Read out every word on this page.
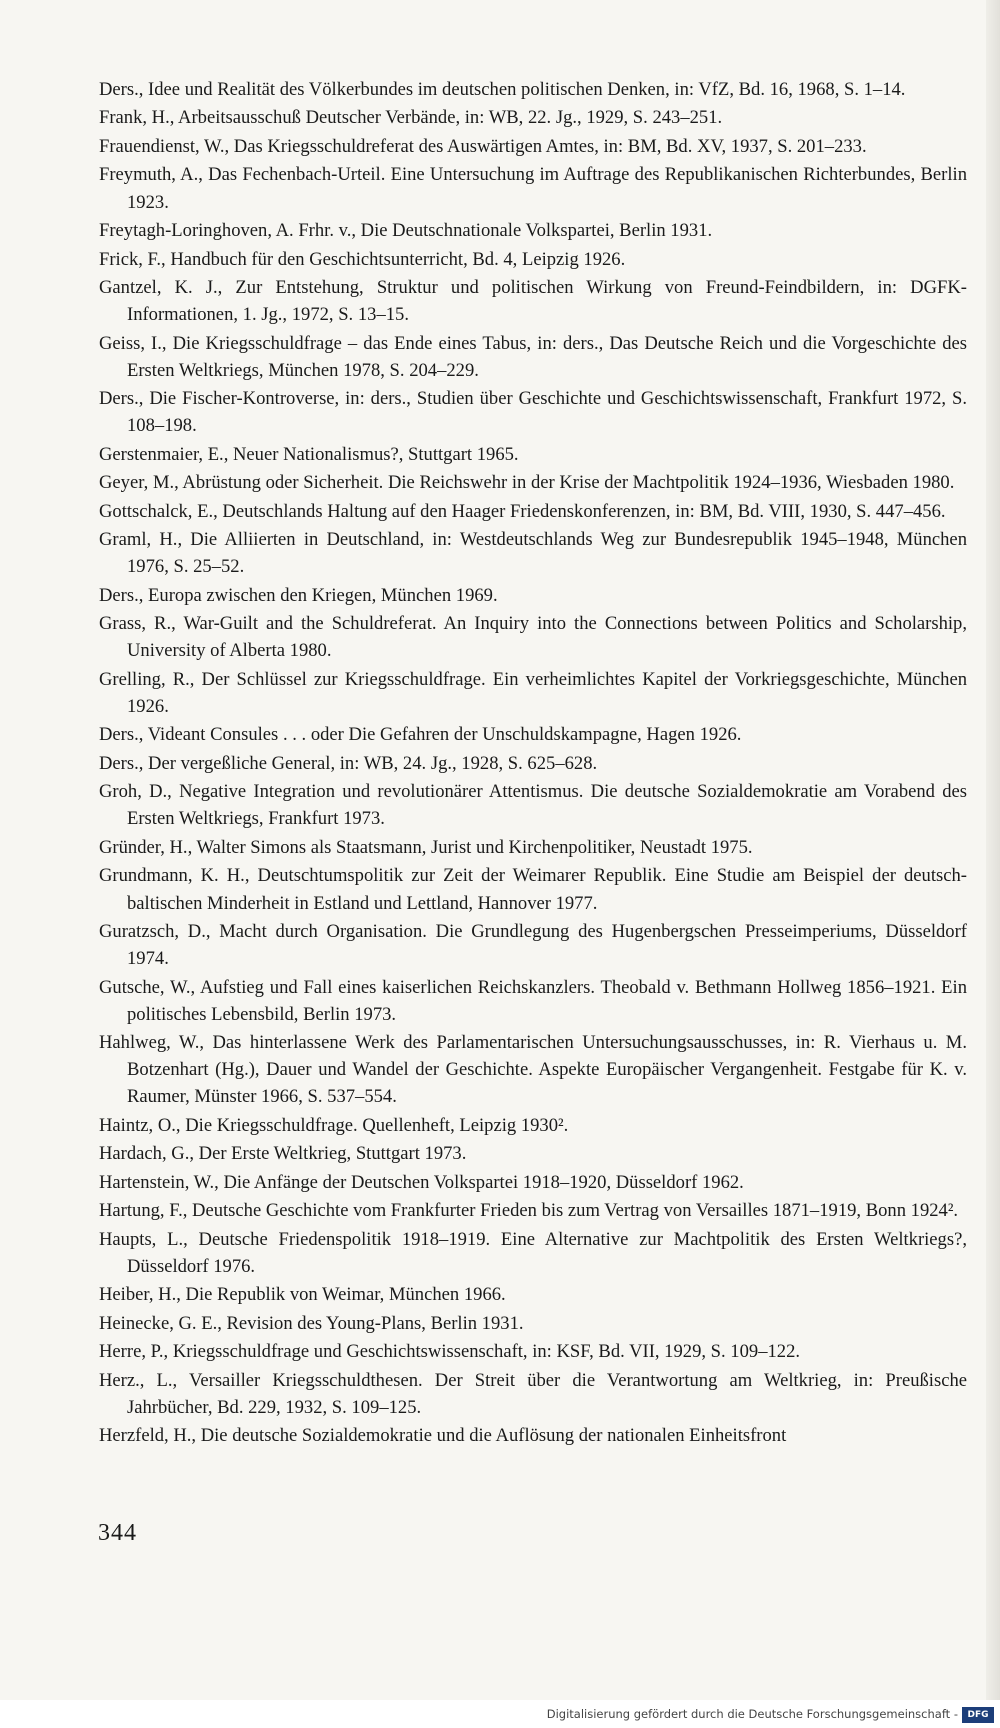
Ders., Idee und Realität des Völkerbundes im deutschen politischen Denken, in: VfZ, Bd. 16, 1968, S. 1–14.

Frank, H., Arbeitsausschuß Deutscher Verbände, in: WB, 22. Jg., 1929, S. 243–251.

Frauendienst, W., Das Kriegsschuldreferat des Auswärtigen Amtes, in: BM, Bd. XV, 1937, S. 201–233.

Freymuth, A., Das Fechenbach-Urteil. Eine Untersuchung im Auftrage des Republikanischen Richterbundes, Berlin 1923.

Freytagh-Loringhoven, A. Frhr. v., Die Deutschnationale Volkspartei, Berlin 1931.

Frick, F., Handbuch für den Geschichtsunterricht, Bd. 4, Leipzig 1926.

Gantzel, K. J., Zur Entstehung, Struktur und politischen Wirkung von Freund-Feindbildern, in: DGFK-Informationen, 1. Jg., 1972, S. 13–15.

Geiss, I., Die Kriegsschuldfrage – das Ende eines Tabus, in: ders., Das Deutsche Reich und die Vorgeschichte des Ersten Weltkriegs, München 1978, S. 204–229.

Ders., Die Fischer-Kontroverse, in: ders., Studien über Geschichte und Geschichtswissenschaft, Frankfurt 1972, S. 108–198.

Gerstenmaier, E., Neuer Nationalismus?, Stuttgart 1965.

Geyer, M., Abrüstung oder Sicherheit. Die Reichswehr in der Krise der Machtpolitik 1924–1936, Wiesbaden 1980.

Gottschalck, E., Deutschlands Haltung auf den Haager Friedenskonferenzen, in: BM, Bd. VIII, 1930, S. 447–456.

Graml, H., Die Alliierten in Deutschland, in: Westdeutschlands Weg zur Bundesrepublik 1945–1948, München 1976, S. 25–52.

Ders., Europa zwischen den Kriegen, München 1969.

Grass, R., War-Guilt and the Schuldreferat. An Inquiry into the Connections between Politics and Scholarship, University of Alberta 1980.

Grelling, R., Der Schlüssel zur Kriegsschuldfrage. Ein verheimlichtes Kapitel der Vorkriegsgeschichte, München 1926.

Ders., Videant Consules . . . oder Die Gefahren der Unschuldskampagne, Hagen 1926.

Ders., Der vergeßliche General, in: WB, 24. Jg., 1928, S. 625–628.

Groh, D., Negative Integration und revolutionärer Attentismus. Die deutsche Sozialdemokratie am Vorabend des Ersten Weltkriegs, Frankfurt 1973.

Gründer, H., Walter Simons als Staatsmann, Jurist und Kirchenpolitiker, Neustadt 1975.

Grundmann, K. H., Deutschtumspolitik zur Zeit der Weimarer Republik. Eine Studie am Beispiel der deutsch-baltischen Minderheit in Estland und Lettland, Hannover 1977.

Guratzsch, D., Macht durch Organisation. Die Grundlegung des Hugenbergschen Presseimperiums, Düsseldorf 1974.

Gutsche, W., Aufstieg und Fall eines kaiserlichen Reichskanzlers. Theobald v. Bethmann Hollweg 1856–1921. Ein politisches Lebensbild, Berlin 1973.

Hahlweg, W., Das hinterlassene Werk des Parlamentarischen Untersuchungsausschusses, in: R. Vierhaus u. M. Botzenhart (Hg.), Dauer und Wandel der Geschichte. Aspekte Europäischer Vergangenheit. Festgabe für K. v. Raumer, Münster 1966, S. 537–554.

Haintz, O., Die Kriegsschuldfrage. Quellenheft, Leipzig 1930².

Hardach, G., Der Erste Weltkrieg, Stuttgart 1973.

Hartenstein, W., Die Anfänge der Deutschen Volkspartei 1918–1920, Düsseldorf 1962.

Hartung, F., Deutsche Geschichte vom Frankfurter Frieden bis zum Vertrag von Versailles 1871–1919, Bonn 1924².

Haupts, L., Deutsche Friedenspolitik 1918–1919. Eine Alternative zur Machtpolitik des Ersten Weltkriegs?, Düsseldorf 1976.

Heiber, H., Die Republik von Weimar, München 1966.

Heinecke, G. E., Revision des Young-Plans, Berlin 1931.

Herre, P., Kriegsschuldfrage und Geschichtswissenschaft, in: KSF, Bd. VII, 1929, S. 109–122.

Herz., L., Versailler Kriegsschuldthesen. Der Streit über die Verantwortung am Weltkrieg, in: Preußische Jahrbücher, Bd. 229, 1932, S. 109–125.

Herzfeld, H., Die deutsche Sozialdemokratie und die Auflösung der nationalen Einheitsfront

344
Digitalisierung gefördert durch die Deutsche Forschungsgemeinschaft -	DFG
